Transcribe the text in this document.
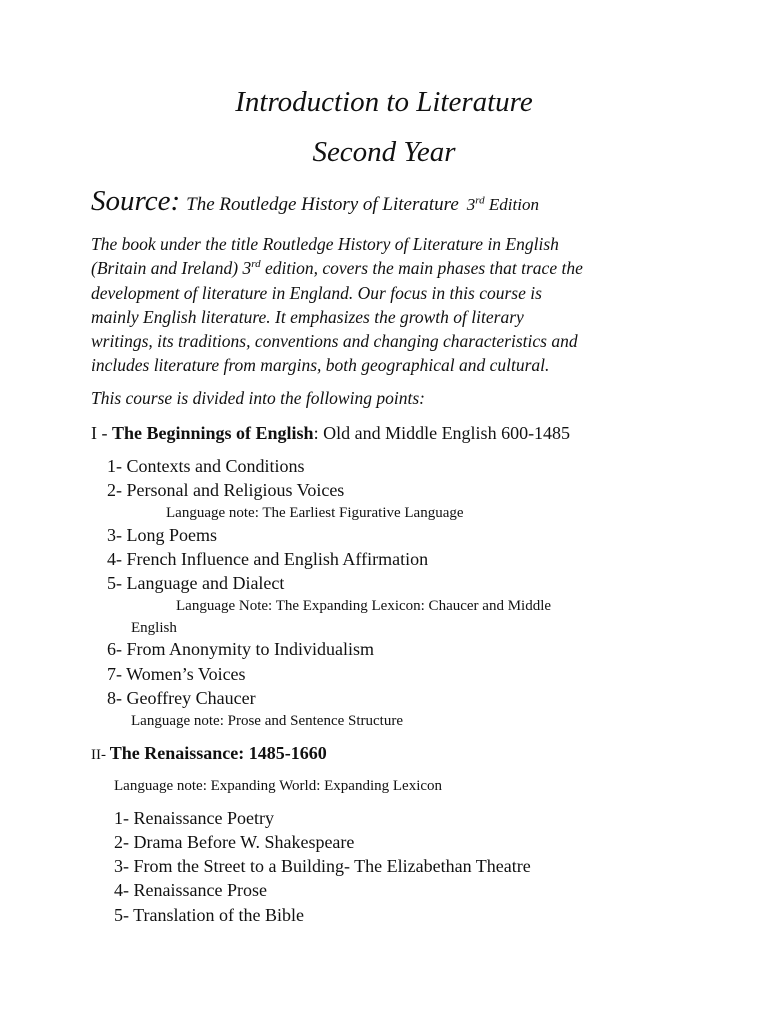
Introduction to Literature
Second Year
Source: The Routledge History of Literature 3rd Edition

The book under the title Routledge History of Literature in English
(Britain and Ireland) 3rd edition, covers the main phases that trace the
development of literature in England. Our focus in this course is
mainly English literature. It emphasizes the growth of literary
writings, its traditions, conventions and changing characteristics and
includes literature from margins, both geographical and cultural.

This course is divided into the following points:

I - The Beginnings of English: Old and Middle English 600-1485

1- Contexts and Conditions

2- Personal and Religious Voices

Language note: The Earliest Figurative Language

3- Long Poems

4- French Influence and English Affirmation

5- Language and Dialect

Language Note: The Expanding Lexicon: Chaucer and Middle

English

6- From Anonymity to Individualism

7- Women’s Voices

8- Geoffrey Chaucer

Language note: Prose and Sentence Structure

II- The Renaissance: 1485-1660

Language note: Expanding World: Expanding Lexicon

1- Renaissance Poetry

2- Drama Before W. Shakespeare

3- From the Street to a Building- The Elizabethan Theatre

4- Renaissance Prose

5- Translation of the Bible
